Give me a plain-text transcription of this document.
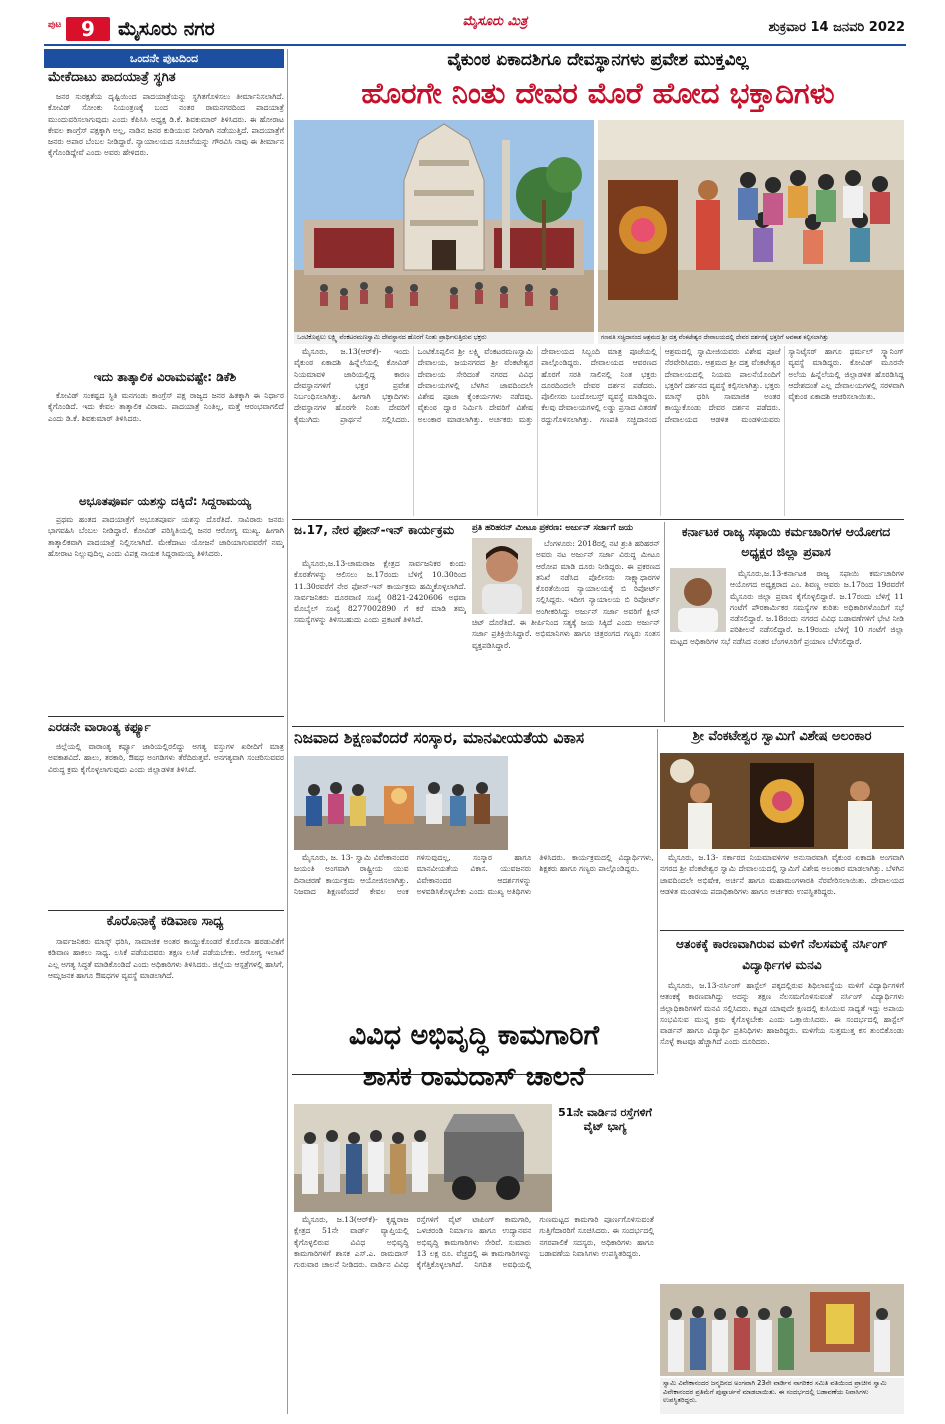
ಪುಟ 9	ಮೈಸೂರು ನಗರ	ಮೈಸೂರು ಮಿತ್ರ	ಶುಕ್ರವಾರ 14 ಜನವರಿ 2022
ಒಂದನೇ ಪುಟದಿಂದ
ಮೇಕೆದಾಟು ಪಾದಯಾತ್ರೆ ಸ್ಥಗಿತ

ಜನರ ಸುರಕ್ಷತೆಯ ದೃಷ್ಟಿಯಿಂದ ಪಾದಯಾತ್ರೆಯನ್ನು ಸ್ಥಗಿತಗೊಳಿಸಲು ತೀರ್ಮಾನಿಸಲಾಗಿದೆ. ಕೋವಿಡ್ ಸೋಂಕು ನಿಯಂತ್ರಣಕ್ಕೆ ಬಂದ ನಂತರ ರಾಮನಗರದಿಂದ ಪಾದಯಾತ್ರೆ ಮುಂದುವರಿಸಲಾಗುವುದು ಎಂದು ಕೆಪಿಸಿಸಿ ಅಧ್ಯಕ್ಷ ಡಿ.ಕೆ. ಶಿವಕುಮಾರ್ ತಿಳಿಸಿದರು. ಈ ಹೋರಾಟ ಕೇವಲ ಕಾಂಗ್ರೆಸ್ ಪಕ್ಷಕ್ಕಾಗಿ ಅಲ್ಲ, ನಾಡಿನ ಜನರ ಕುಡಿಯುವ ನೀರಿಗಾಗಿ ನಡೆಯುತ್ತಿದೆ. ಪಾದಯಾತ್ರೆಗೆ ಜನರು ಅಪಾರ ಬೆಂಬಲ ನೀಡಿದ್ದಾರೆ. ನ್ಯಾಯಾಲಯದ ಸೂಚನೆಯನ್ನು ಗೌರವಿಸಿ ನಾವು ಈ ತೀರ್ಮಾನ ಕೈಗೊಂಡಿದ್ದೇವೆ ಎಂದು ಅವರು ಹೇಳಿದರು.

ಇದು ತಾತ್ಕಾಲಿಕ ವಿರಾಮವಷ್ಟೇ: ಡಿಕೆಶಿ

ಕೋವಿಡ್ ಸಂಕಷ್ಟದ ಸ್ಥಿತಿ ಮನಗಂಡು ಕಾಂಗ್ರೆಸ್ ಪಕ್ಷ ರಾಜ್ಯದ ಜನರ ಹಿತಕ್ಕಾಗಿ ಈ ನಿರ್ಧಾರ ಕೈಗೊಂಡಿದೆ. ಇದು ಕೇವಲ ತಾತ್ಕಾಲಿಕ ವಿರಾಮ. ಪಾದಯಾತ್ರೆ ನಿಂತಿಲ್ಲ, ಮತ್ತೆ ಆರಂಭವಾಗಲಿದೆ ಎಂದು ಡಿ.ಕೆ. ಶಿವಕುಮಾರ್ ತಿಳಿಸಿದರು.

ಅಭೂತಪೂರ್ವ ಯಶಸ್ಸು ದಕ್ಕಿದೆ: ಸಿದ್ದರಾಮಯ್ಯ

ಪ್ರಥಮ ಹಂತದ ಪಾದಯಾತ್ರೆಗೆ ಅಭೂತಪೂರ್ವ ಯಶಸ್ಸು ದೊರೆತಿದೆ. ಸಾವಿರಾರು ಜನರು ಭಾಗವಹಿಸಿ ಬೆಂಬಲ ನೀಡಿದ್ದಾರೆ. ಕೋವಿಡ್ ಪರಿಸ್ಥಿತಿಯಲ್ಲಿ ಜನರ ಆರೋಗ್ಯ ಮುಖ್ಯ. ಹೀಗಾಗಿ ತಾತ್ಕಾಲಿಕವಾಗಿ ಪಾದಯಾತ್ರೆ ನಿಲ್ಲಿಸಲಾಗಿದೆ. ಮೇಕೆದಾಟು ಯೋಜನೆ ಜಾರಿಯಾಗುವವರೆಗೆ ನಮ್ಮ ಹೋರಾಟ ನಿಲ್ಲುವುದಿಲ್ಲ ಎಂದು ವಿಪಕ್ಷ ನಾಯಕ ಸಿದ್ದರಾಮಯ್ಯ ತಿಳಿಸಿದರು.

ಎರಡನೇ ವಾರಾಂತ್ಯ ಕರ್ಫ್ಯೂ

ಜಿಲ್ಲೆಯಲ್ಲಿ ವಾರಾಂತ್ಯ ಕರ್ಫ್ಯೂ ಜಾರಿಯಲ್ಲಿರಲಿದ್ದು ಅಗತ್ಯ ವಸ್ತುಗಳ ಖರೀದಿಗೆ ಮಾತ್ರ ಅವಕಾಶವಿದೆ. ಹಾಲು, ತರಕಾರಿ, ಔಷಧ ಅಂಗಡಿಗಳು ತೆರೆದಿರುತ್ತವೆ. ಅನಗತ್ಯವಾಗಿ ಸಂಚರಿಸುವವರ ವಿರುದ್ಧ ಕ್ರಮ ಕೈಗೊಳ್ಳಲಾಗುವುದು ಎಂದು ಜಿಲ್ಲಾಡಳಿತ ತಿಳಿಸಿದೆ.

ಕೊರೊನಾಕ್ಕೆ ಕಡಿವಾಣ ಸಾಧ್ಯ

ಸಾರ್ವಜನಿಕರು ಮಾಸ್ಕ್ ಧರಿಸಿ, ಸಾಮಾಜಿಕ ಅಂತರ ಕಾಯ್ದುಕೊಂಡರೆ ಕೊರೊನಾ ಹರಡುವಿಕೆಗೆ ಕಡಿವಾಣ ಹಾಕಲು ಸಾಧ್ಯ. ಲಸಿಕೆ ಪಡೆಯದವರು ತಕ್ಷಣ ಲಸಿಕೆ ಪಡೆಯಬೇಕು. ಆರೋಗ್ಯ ಇಲಾಖೆ ಎಲ್ಲ ಅಗತ್ಯ ಸಿದ್ಧತೆ ಮಾಡಿಕೊಂಡಿದೆ ಎಂದು ಅಧಿಕಾರಿಗಳು ತಿಳಿಸಿದರು. ಜಿಲ್ಲೆಯ ಆಸ್ಪತ್ರೆಗಳಲ್ಲಿ ಹಾಸಿಗೆ, ಆಮ್ಲಜನಕ ಹಾಗೂ ಔಷಧಗಳ ವ್ಯವಸ್ಥೆ ಮಾಡಲಾಗಿದೆ.

ವೈಕುಂಠ ಏಕಾದಶಿಗೂ ದೇವಸ್ಥಾನಗಳು ಪ್ರವೇಶ ಮುಕ್ತವಿಲ್ಲ
ಹೊರಗೇ ನಿಂತು ದೇವರ ಮೊರೆ ಹೋದ ಭಕ್ತಾದಿಗಳು
ಒಂಟಿಕೊಪ್ಪಲು ಲಕ್ಷ್ಮಿ ವೆಂಕಟರಮಣಸ್ವಾಮಿ ದೇವಸ್ಥಾನದ ಹೊರಗೆ ನಿಂತು ಪ್ರಾರ್ಥಿಸುತ್ತಿರುವ ಭಕ್ತರು	ಗಣಪತಿ ಸಚ್ಚಿದಾನಂದ ಆಶ್ರಮದ ಶ್ರೀ ದತ್ತ ವೆಂಕಟೇಶ್ವರ ದೇವಾಲಯದಲ್ಲಿ ದೇವರ ದರ್ಶನಕ್ಕೆ ಭಕ್ತರಿಗೆ ಅವಕಾಶ ಕಲ್ಪಿಸಲಾಗಿತ್ತು

ಮೈಸೂರು, ಜ.13(ಆರ್‌ಕೆ)- ಇಂದು ವೈಕುಂಠ ಏಕಾದಶಿ ಹಿನ್ನೆಲೆಯಲ್ಲಿ ಕೋವಿಡ್ ನಿಯಮಾವಳಿ ಜಾರಿಯಲ್ಲಿದ್ದ ಕಾರಣ ದೇವಸ್ಥಾನಗಳಿಗೆ ಭಕ್ತರ ಪ್ರವೇಶ ನಿರ್ಬಂಧಿಸಲಾಗಿತ್ತು. ಹೀಗಾಗಿ ಭಕ್ತಾದಿಗಳು ದೇವಸ್ಥಾನಗಳ ಹೊರಗೇ ನಿಂತು ದೇವರಿಗೆ ಕೈಮುಗಿದು ಪ್ರಾರ್ಥನೆ ಸಲ್ಲಿಸಿದರು. ಒಂಟಿಕೊಪ್ಪಲಿನ ಶ್ರೀ ಲಕ್ಷ್ಮಿ ವೆಂಕಟರಮಣಸ್ವಾಮಿ ದೇವಾಲಯ, ಜಯನಗರದ ಶ್ರೀ ವೆಂಕಟೇಶ್ವರ ದೇವಾಲಯ ಸೇರಿದಂತೆ ನಗರದ ವಿವಿಧ ದೇವಾಲಯಗಳಲ್ಲಿ ಬೆಳಗಿನ ಜಾವದಿಂದಲೇ ವಿಶೇಷ ಪೂಜಾ ಕೈಂಕರ್ಯಗಳು ನಡೆದವು. ವೈಕುಂಠ ದ್ವಾರ ನಿರ್ಮಿಸಿ ದೇವರಿಗೆ ವಿಶೇಷ ಅಲಂಕಾರ ಮಾಡಲಾಗಿತ್ತು. ಅರ್ಚಕರು ಮತ್ತು ದೇವಾಲಯದ ಸಿಬ್ಬಂದಿ ಮಾತ್ರ ಪೂಜೆಯಲ್ಲಿ ಪಾಲ್ಗೊಂಡಿದ್ದರು. ದೇವಾಲಯದ ಆವರಣದ ಹೊರಗೆ ಸರತಿ ಸಾಲಿನಲ್ಲಿ ನಿಂತ ಭಕ್ತರು ದೂರದಿಂದಲೇ ದೇವರ ದರ್ಶನ ಪಡೆದರು. ಪೊಲೀಸರು ಬಂದೋಬಸ್ತ್ ವ್ಯವಸ್ಥೆ ಮಾಡಿದ್ದರು. ಕೆಲವು ದೇವಾಲಯಗಳಲ್ಲಿ ಲಡ್ಡು ಪ್ರಸಾದ ವಿತರಣೆ ರದ್ದುಗೊಳಿಸಲಾಗಿತ್ತು. ಗಣಪತಿ ಸಚ್ಚಿದಾನಂದ ಆಶ್ರಮದಲ್ಲಿ ಸ್ವಾಮೀಜಿಯವರು ವಿಶೇಷ ಪೂಜೆ ನೆರವೇರಿಸಿದರು. ಆಶ್ರಮದ ಶ್ರೀ ದತ್ತ ವೆಂಕಟೇಶ್ವರ ದೇವಾಲಯದಲ್ಲಿ ನಿಯಮ ಪಾಲನೆಯೊಂದಿಗೆ ಭಕ್ತರಿಗೆ ದರ್ಶನದ ವ್ಯವಸ್ಥೆ ಕಲ್ಪಿಸಲಾಗಿತ್ತು. ಭಕ್ತರು ಮಾಸ್ಕ್ ಧರಿಸಿ ಸಾಮಾಜಿಕ ಅಂತರ ಕಾಯ್ದುಕೊಂಡು ದೇವರ ದರ್ಶನ ಪಡೆದರು. ದೇವಾಲಯದ ಆಡಳಿತ ಮಂಡಳಿಯವರು ಸ್ಯಾನಿಟೈಸರ್ ಹಾಗೂ ಥರ್ಮಲ್ ಸ್ಕ್ಯಾನಿಂಗ್ ವ್ಯವಸ್ಥೆ ಮಾಡಿದ್ದರು. ಕೋವಿಡ್ ಮೂರನೇ ಅಲೆಯ ಹಿನ್ನೆಲೆಯಲ್ಲಿ ಜಿಲ್ಲಾಡಳಿತ ಹೊರಡಿಸಿದ್ದ ಆದೇಶದಂತೆ ಎಲ್ಲ ದೇವಾಲಯಗಳಲ್ಲಿ ಸರಳವಾಗಿ ವೈಕುಂಠ ಏಕಾದಶಿ ಆಚರಿಸಲಾಯಿತು.

ಜ.17, ನೇರ ಫೋನ್-ಇನ್ ಕಾರ್ಯಕ್ರಮ

ಮೈಸೂರು,ಜ.13-ಚಾಮರಾಜ ಕ್ಷೇತ್ರದ ಸಾರ್ವಜನಿಕರ ಕುಂದು ಕೊರತೆಗಳನ್ನು ಆಲಿಸಲು ಜ.17ರಂದು ಬೆಳಿಗ್ಗೆ 10.30ರಿಂದ 11.30ರವರೆಗೆ ನೇರ ಫೋನ್-ಇನ್ ಕಾರ್ಯಕ್ರಮ ಹಮ್ಮಿಕೊಳ್ಳಲಾಗಿದೆ. ಸಾರ್ವಜನಿಕರು ದೂರವಾಣಿ ಸಂಖ್ಯೆ 0821-2420606 ಅಥವಾ ಮೊಬೈಲ್ ಸಂಖ್ಯೆ 8277002890 ಗೆ ಕರೆ ಮಾಡಿ ತಮ್ಮ ಸಮಸ್ಯೆಗಳನ್ನು ತಿಳಿಸಬಹುದು ಎಂದು ಪ್ರಕಟಣೆ ತಿಳಿಸಿದೆ.

ಪ್ರತಿ ಹರಿಹರನ್ ಮೀಟೂ ಪ್ರಕರಣ: ಅರ್ಜುನ್ ಸರ್ಜಾಗೆ ಜಯ

ಬೆಂಗಳೂರು: 2018ರಲ್ಲಿ ನಟಿ ಶ್ರುತಿ ಹರಿಹರನ್ ಅವರು ನಟ ಅರ್ಜುನ್ ಸರ್ಜಾ ವಿರುದ್ಧ ಮೀಟೂ ಆರೋಪ ಮಾಡಿ ದೂರು ನೀಡಿದ್ದರು. ಈ ಪ್ರಕರಣದ ತನಿಖೆ ನಡೆಸಿದ ಪೊಲೀಸರು ಸಾಕ್ಷ್ಯಾಧಾರಗಳ ಕೊರತೆಯಿಂದ ನ್ಯಾಯಾಲಯಕ್ಕೆ ಬಿ ರಿಪೋರ್ಟ್ ಸಲ್ಲಿಸಿದ್ದರು. ಇದೀಗ ನ್ಯಾಯಾಲಯ ಬಿ ರಿಪೋರ್ಟ್ ಅಂಗೀಕರಿಸಿದ್ದು ಅರ್ಜುನ್ ಸರ್ಜಾ ಅವರಿಗೆ ಕ್ಲೀನ್ ಚಿಟ್ ದೊರೆತಿದೆ. ಈ ತೀರ್ಪಿನಿಂದ ಸತ್ಯಕ್ಕೆ ಜಯ ಸಿಕ್ಕಿದೆ ಎಂದು ಅರ್ಜುನ್ ಸರ್ಜಾ ಪ್ರತಿಕ್ರಿಯಿಸಿದ್ದಾರೆ. ಅಭಿಮಾನಿಗಳು ಹಾಗೂ ಚಿತ್ರರಂಗದ ಗಣ್ಯರು ಸಂತಸ ವ್ಯಕ್ತಪಡಿಸಿದ್ದಾರೆ.

ಕರ್ನಾಟಕ ರಾಜ್ಯ ಸಫಾಯಿ ಕರ್ಮಚಾರಿಗಳ ಆಯೋಗದ ಅಧ್ಯಕ್ಷರ ಜಿಲ್ಲಾ ಪ್ರವಾಸ

ಮೈಸೂರು,ಜ.13-ಕರ್ನಾಟಕ ರಾಜ್ಯ ಸಫಾಯಿ ಕರ್ಮಚಾರಿಗಳ ಆಯೋಗದ ಅಧ್ಯಕ್ಷರಾದ ಎಂ. ಶಿವಣ್ಣ ಅವರು ಜ.17ರಿಂದ 19ರವರೆಗೆ ಮೈಸೂರು ಜಿಲ್ಲಾ ಪ್ರವಾಸ ಕೈಗೊಳ್ಳಲಿದ್ದಾರೆ. ಜ.17ರಂದು ಬೆಳಿಗ್ಗೆ 11 ಗಂಟೆಗೆ ಪೌರಕಾರ್ಮಿಕರ ಸಮಸ್ಯೆಗಳ ಕುರಿತು ಅಧಿಕಾರಿಗಳೊಂದಿಗೆ ಸಭೆ ನಡೆಸಲಿದ್ದಾರೆ. ಜ.18ರಂದು ನಗರದ ವಿವಿಧ ಬಡಾವಣೆಗಳಿಗೆ ಭೇಟಿ ನೀಡಿ ಪರಿಶೀಲನೆ ನಡೆಸಲಿದ್ದಾರೆ. ಜ.19ರಂದು ಬೆಳಿಗ್ಗೆ 10 ಗಂಟೆಗೆ ಜಿಲ್ಲಾ ಮಟ್ಟದ ಅಧಿಕಾರಿಗಳ ಸಭೆ ನಡೆಸಿದ ನಂತರ ಬೆಂಗಳೂರಿಗೆ ಪ್ರಯಾಣ ಬೆಳೆಸಲಿದ್ದಾರೆ.

ನಿಜವಾದ ಶಿಕ್ಷಣವೆಂದರೆ ಸಂಸ್ಕಾರ, ಮಾನವೀಯತೆಯ ವಿಕಾಸ

ಮೈಸೂರು, ಜ. 13- ಸ್ವಾಮಿ ವಿವೇಕಾನಂದರ ಜಯಂತಿ ಅಂಗವಾಗಿ ರಾಷ್ಟ್ರೀಯ ಯುವ ದಿನಾಚರಣೆ ಕಾರ್ಯಕ್ರಮ ಆಯೋಜಿಸಲಾಗಿತ್ತು. ನಿಜವಾದ ಶಿಕ್ಷಣವೆಂದರೆ ಕೇವಲ ಅಂಕ ಗಳಿಸುವುದಲ್ಲ, ಸಂಸ್ಕಾರ ಹಾಗೂ ಮಾನವೀಯತೆಯ ವಿಕಾಸ. ಯುವಜನರು ವಿವೇಕಾನಂದರ ಆದರ್ಶಗಳನ್ನು ಅಳವಡಿಸಿಕೊಳ್ಳಬೇಕು ಎಂದು ಮುಖ್ಯ ಅತಿಥಿಗಳು ತಿಳಿಸಿದರು. ಕಾರ್ಯಕ್ರಮದಲ್ಲಿ ವಿದ್ಯಾರ್ಥಿಗಳು, ಶಿಕ್ಷಕರು ಹಾಗೂ ಗಣ್ಯರು ಪಾಲ್ಗೊಂಡಿದ್ದರು.

ಶ್ರೀ ವೆಂಕಟೇಶ್ವರ ಸ್ವಾಮಿಗೆ ವಿಶೇಷ ಅಲಂಕಾರ

ಮೈಸೂರು, ಜ.13- ಸರ್ಕಾರದ ನಿಯಮಾವಳಿಗಳ ಅನುಸಾರವಾಗಿ ವೈಕುಂಠ ಏಕಾದಶಿ ಅಂಗವಾಗಿ ನಗರದ ಶ್ರೀ ವೆಂಕಟೇಶ್ವರ ಸ್ವಾಮಿ ದೇವಾಲಯದಲ್ಲಿ ಸ್ವಾಮಿಗೆ ವಿಶೇಷ ಅಲಂಕಾರ ಮಾಡಲಾಗಿತ್ತು. ಬೆಳಗಿನ ಜಾವದಿಂದಲೇ ಅಭಿಷೇಕ, ಅರ್ಚನೆ ಹಾಗೂ ಮಹಾಮಂಗಳಾರತಿ ನೆರವೇರಿಸಲಾಯಿತು. ದೇವಾಲಯದ ಆಡಳಿತ ಮಂಡಳಿಯ ಪದಾಧಿಕಾರಿಗಳು ಹಾಗೂ ಅರ್ಚಕರು ಉಪಸ್ಥಿತರಿದ್ದರು.

ಆತಂಕಕ್ಕೆ ಕಾರಣವಾಗಿರುವ ಮಳಿಗೆ ನೆಲಸಮಕ್ಕೆ ನರ್ಸಿಂಗ್ ವಿದ್ಯಾರ್ಥಿಗಳ ಮನವಿ

ಮೈಸೂರು, ಜ.13-ನರ್ಸಿಂಗ್ ಹಾಸ್ಟೆಲ್ ಪಕ್ಕದಲ್ಲಿರುವ ಶಿಥಿಲಾವಸ್ಥೆಯ ಮಳಿಗೆ ವಿದ್ಯಾರ್ಥಿಗಳಿಗೆ ಆತಂಕಕ್ಕೆ ಕಾರಣವಾಗಿದ್ದು ಅದನ್ನು ತಕ್ಷಣ ನೆಲಸಮಗೊಳಿಸುವಂತೆ ನರ್ಸಿಂಗ್ ವಿದ್ಯಾರ್ಥಿಗಳು ಜಿಲ್ಲಾಧಿಕಾರಿಗಳಿಗೆ ಮನವಿ ಸಲ್ಲಿಸಿದರು. ಕಟ್ಟಡ ಯಾವುದೇ ಕ್ಷಣದಲ್ಲಿ ಕುಸಿಯುವ ಸಾಧ್ಯತೆ ಇದ್ದು ಅಪಾಯ ಸಂಭವಿಸುವ ಮುನ್ನ ಕ್ರಮ ಕೈಗೊಳ್ಳಬೇಕು ಎಂದು ಒತ್ತಾಯಿಸಿದರು. ಈ ಸಂದರ್ಭದಲ್ಲಿ ಹಾಸ್ಟೆಲ್ ವಾರ್ಡನ್ ಹಾಗೂ ವಿದ್ಯಾರ್ಥಿ ಪ್ರತಿನಿಧಿಗಳು ಹಾಜರಿದ್ದರು. ಮಳಿಗೆಯ ಸುತ್ತಮುತ್ತ ಕಸ ತುಂಬಿಕೊಂಡು ಸೊಳ್ಳೆ ಕಾಟವೂ ಹೆಚ್ಚಾಗಿದೆ ಎಂದು ದೂರಿದರು.

ಸ್ವಾಮಿ ವಿವೇಕಾನಂದರ ಜನ್ಮದಿನದ ಅಂಗವಾಗಿ 23ನೇ ವಾರ್ಡಿನ ನಾಗರಿಕರ ಸಮಿತಿ ವತಿಯಿಂದ ಪ್ರಾಚೀನ ಸ್ವಾಮಿ ವಿವೇಕಾನಂದರ ಪ್ರತಿಮೆಗೆ ಪುಷ್ಪಾರ್ಚನೆ ಮಾಡಲಾಯಿತು. ಈ ಸಂದರ್ಭದಲ್ಲಿ ಬಡಾವಣೆಯ ನಿವಾಸಿಗಳು ಉಪಸ್ಥಿತರಿದ್ದರು.
ವಿವಿಧ ಅಭಿವೃದ್ಧಿ ಕಾಮಗಾರಿಗೆ
ಶಾಸಕ ರಾಮದಾಸ್ ಚಾಲನೆ
51ನೇ ವಾರ್ಡಿನ ರಸ್ತೆಗಳಿಗೆ ವೈಟ್ ಭಾಗ್ಯ

ಮೈಸೂರು, ಜ.13(ಆರ್‌ಕೆ)- ಕೃಷ್ಣರಾಜ ಕ್ಷೇತ್ರದ 51ನೇ ವಾರ್ಡ್ ವ್ಯಾಪ್ತಿಯಲ್ಲಿ ಕೈಗೊಳ್ಳಲಿರುವ ವಿವಿಧ ಅಭಿವೃದ್ಧಿ ಕಾಮಗಾರಿಗಳಿಗೆ ಶಾಸಕ ಎಸ್.ಎ. ರಾಮದಾಸ್ ಗುರುವಾರ ಚಾಲನೆ ನೀಡಿದರು. ವಾರ್ಡಿನ ವಿವಿಧ ರಸ್ತೆಗಳಿಗೆ ವೈಟ್ ಟಾಪಿಂಗ್ ಕಾಮಗಾರಿ, ಒಳಚರಂಡಿ ನಿರ್ಮಾಣ ಹಾಗೂ ಉದ್ಯಾನವನ ಅಭಿವೃದ್ಧಿ ಕಾಮಗಾರಿಗಳು ಸೇರಿವೆ. ಸುಮಾರು 13 ಲಕ್ಷ ರೂ. ವೆಚ್ಚದಲ್ಲಿ ಈ ಕಾಮಗಾರಿಗಳನ್ನು ಕೈಗೆತ್ತಿಕೊಳ್ಳಲಾಗಿದೆ. ನಿಗದಿತ ಅವಧಿಯಲ್ಲಿ ಗುಣಮಟ್ಟದ ಕಾಮಗಾರಿ ಪೂರ್ಣಗೊಳಿಸುವಂತೆ ಗುತ್ತಿಗೆದಾರರಿಗೆ ಸೂಚಿಸಿದರು. ಈ ಸಂದರ್ಭದಲ್ಲಿ ನಗರಪಾಲಿಕೆ ಸದಸ್ಯರು, ಅಧಿಕಾರಿಗಳು ಹಾಗೂ ಬಡಾವಣೆಯ ನಿವಾಸಿಗಳು ಉಪಸ್ಥಿತರಿದ್ದರು.
